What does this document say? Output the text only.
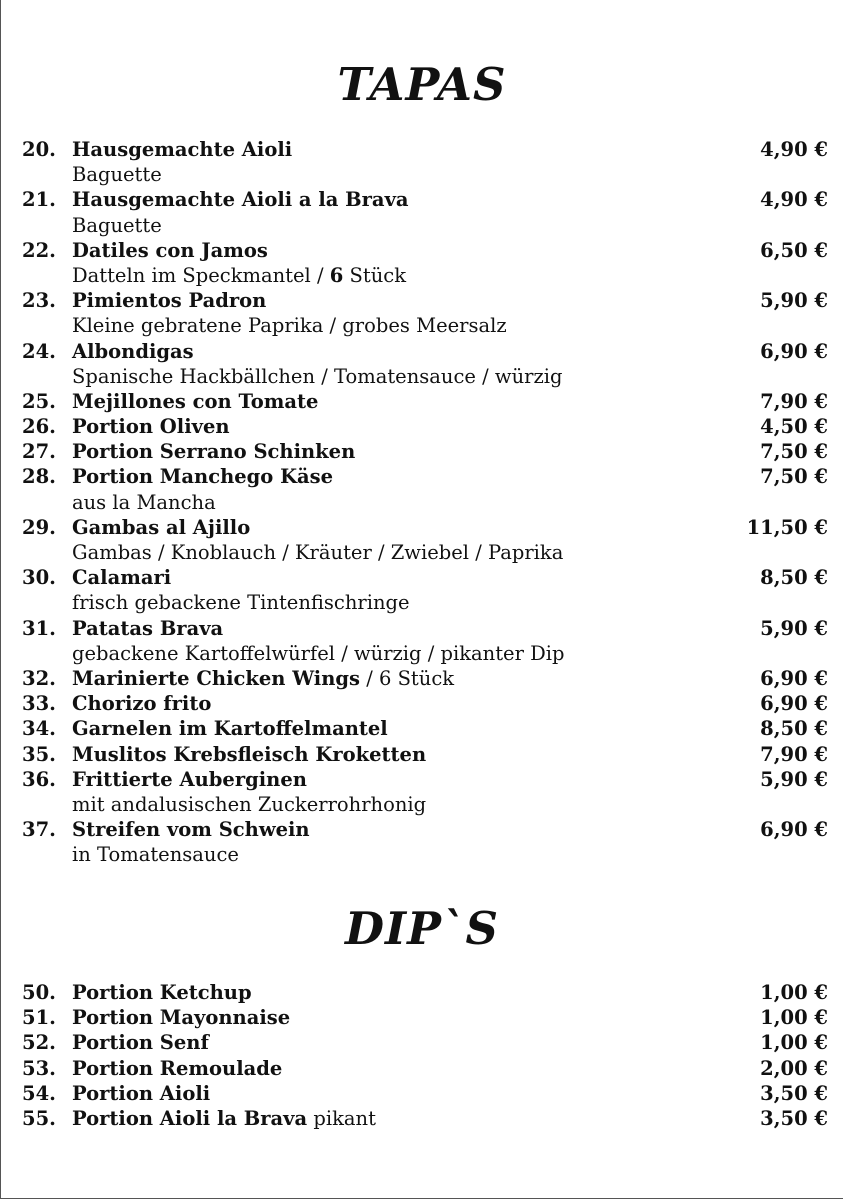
TAPAS
20. Hausgemachte Aioli	4,90 €
Baguette
21. Hausgemachte Aioli a la Brava	4,90 €
Baguette
22. Datiles con Jamos	6,50 €
Datteln im Speckmantel / 6 Stück
23. Pimientos Padron	5,90 €
Kleine gebratene Paprika / grobes Meersalz
24. Albondigas	6,90 €
Spanische Hackbällchen / Tomatensauce / würzig
25. Mejillones con Tomate	7,90 €
26. Portion Oliven	4,50 €
27. Portion Serrano Schinken	7,50 €
28. Portion Manchego Käse	7,50 €
aus la Mancha
29. Gambas al Ajillo	11,50 €
Gambas / Knoblauch / Kräuter / Zwiebel / Paprika
30. Calamari	8,50 €
frisch gebackene Tintenfischringe
31. Patatas Brava	5,90 €
gebackene Kartoffelwürfel / würzig / pikanter Dip
32. Marinierte Chicken Wings / 6 Stück	6,90 €
33. Chorizo frito	6,90 €
34. Garnelen im Kartoffelmantel	8,50 €
35. Muslitos Krebsfleisch Kroketten	7,90 €
36. Frittierte Auberginen	5,90 €
mit andalusischen Zuckerrohrhonig
37. Streifen vom Schwein	6,90 €
in Tomatensauce
DIP`S
50. Portion Ketchup	1,00 €
51. Portion Mayonnaise	1,00 €
52. Portion Senf	1,00 €
53. Portion Remoulade	2,00 €
54. Portion Aioli	3,50 €
55. Portion Aioli la Brava pikant	3,50 €
